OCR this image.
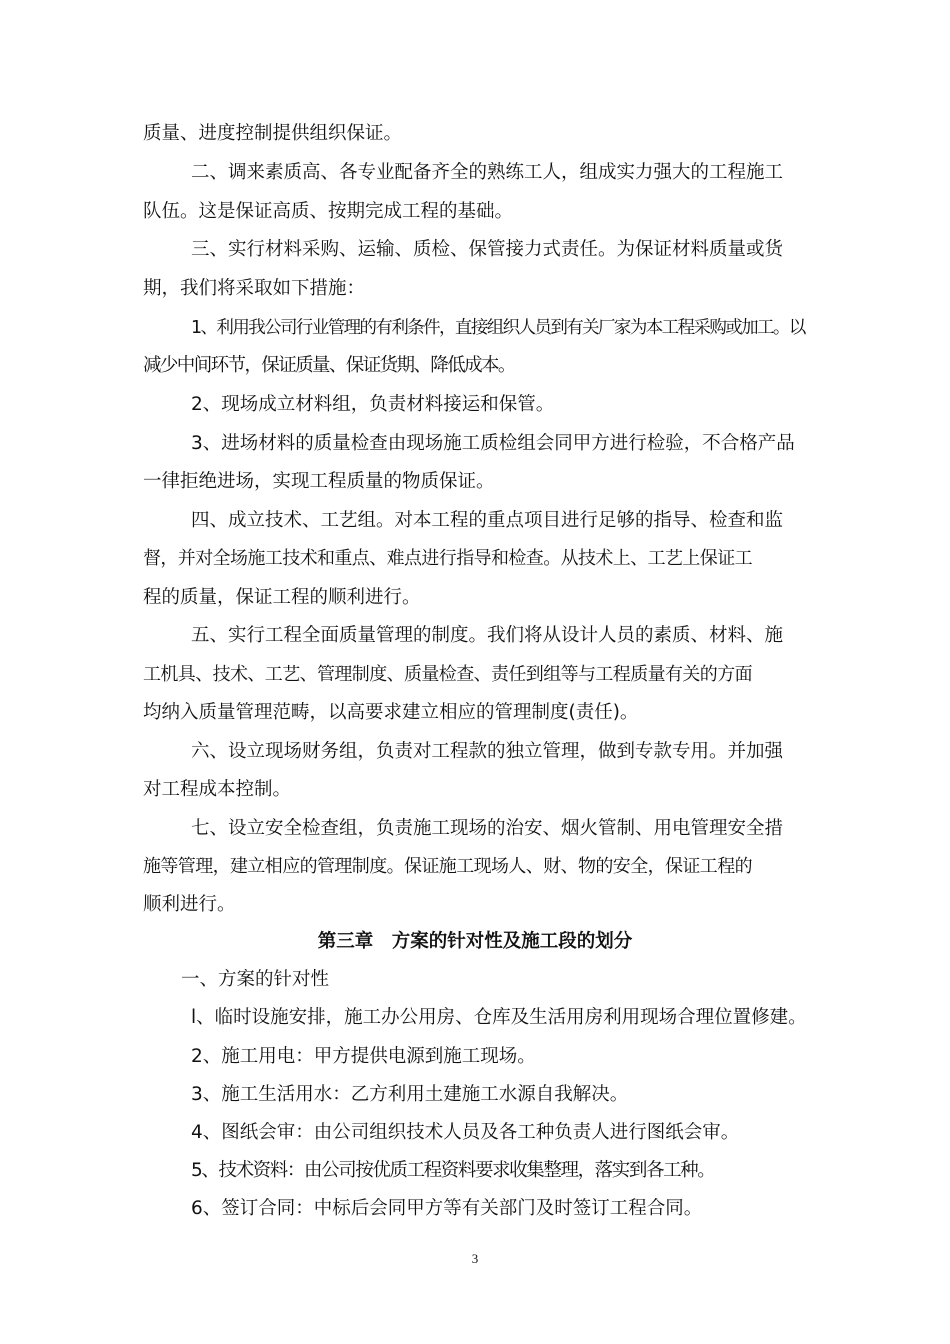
质量、进度控制提供组织保证。
二、调来素质高、各专业配备齐全的熟练工人，组成实力强大的工程施工
队伍。这是保证高质、按期完成工程的基础。
三、实行材料采购、运输、质检、保管接力式责任。为保证材料质量或货
期，我们将采取如下措施：
1、利用我公司行业管理的有利条件，直接组织人员到有关厂家为本工程采购或加工。以
减少中间环节，保证质量、保证货期、降低成本。
2、现场成立材料组，负责材料接运和保管。
3、进场材料的质量检查由现场施工质检组会同甲方进行检验，不合格产品
一律拒绝进场，实现工程质量的物质保证。
四、成立技术、工艺组。对本工程的重点项目进行足够的指导、检查和监
督，并对全场施工技术和重点、难点进行指导和检查。从技术上、工艺上保证工
程的质量，保证工程的顺利进行。
五、实行工程全面质量管理的制度。我们将从设计人员的素质、材料、施
工机具、技术、工艺、管理制度、质量检查、责任到组等与工程质量有关的方面
均纳入质量管理范畴，以高要求建立相应的管理制度(责任)。
六、设立现场财务组，负责对工程款的独立管理，做到专款专用。并加强
对工程成本控制。
七、设立安全检查组，负责施工现场的治安、烟火管制、用电管理安全措
施等管理，建立相应的管理制度。保证施工现场人、财、物的安全，保证工程的
顺利进行。
第三章　方案的针对性及施工段的划分
一、方案的针对性
l、临时设施安排，施工办公用房、仓库及生活用房利用现场合理位置修建。
2、施工用电：甲方提供电源到施工现场。
3、施工生活用水：乙方利用土建施工水源自我解决。
4、图纸会审：由公司组织技术人员及各工种负责人进行图纸会审。
5、技术资料：由公司按优质工程资料要求收集整理，落实到各工种。
6、签订合同：中标后会同甲方等有关部门及时签订工程合同。
3
